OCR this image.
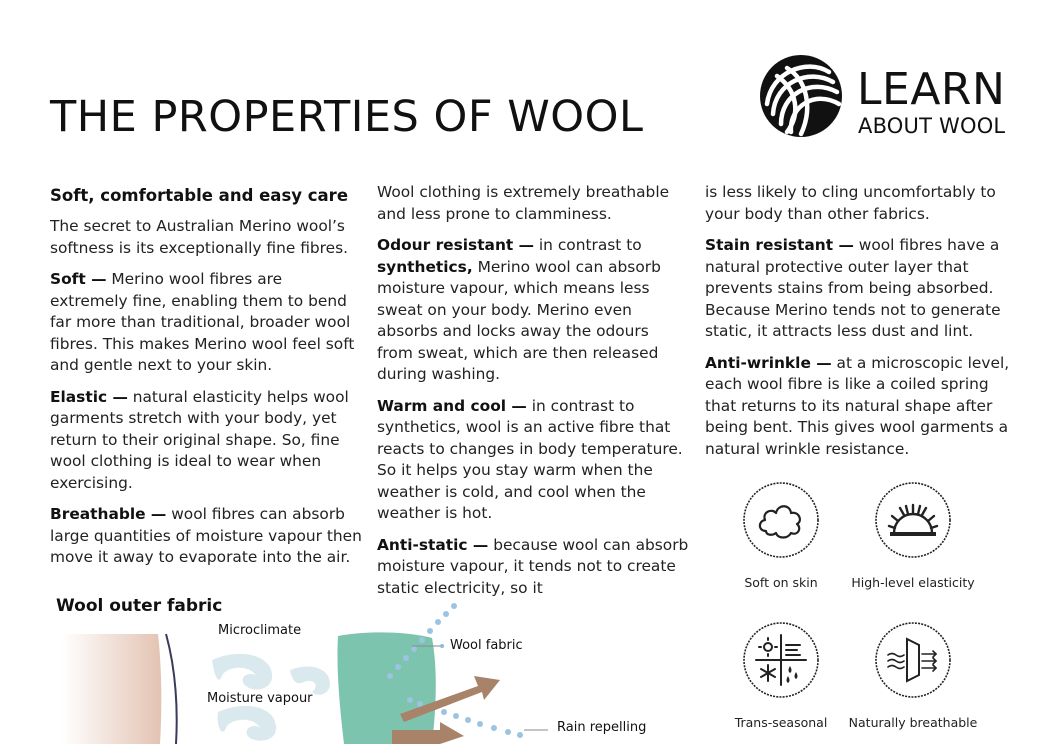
THE PROPERTIES OF WOOL
LEARN
ABOUT WOOL
Soft, comfortable and easy care

The secret to Australian Merino wool’s softness is its exceptionally fine fibres.

Soft — Merino wool fibres are extremely fine, enabling them to bend far more than traditional, broader wool fibres. This makes Merino wool feel soft and gentle next to your skin.

Elastic — natural elasticity helps wool garments stretch with your body, yet return to their original shape. So, fine wool clothing is ideal to wear when exercising.

Breathable — wool fibres can absorb large quantities of moisture vapour then move it away to evaporate into the air.

Wool clothing is extremely breathable and less prone to clamminess.

Odour resistant — in contrast to synthetics, Merino wool can absorb moisture vapour, which means less sweat on your body. Merino even absorbs and locks away the odours from sweat, which are then released during washing.

Warm and cool — in contrast to synthetics, wool is an active fibre that reacts to changes in body temperature. So it helps you stay warm when the weather is cold, and cool when the weather is hot.

Anti-static — because wool can absorb moisture vapour, it tends not to create static electricity, so it

is less likely to cling uncomfortably to your body than other fabrics.

Stain resistant — wool fibres have a natural protective outer layer that prevents stains from being absorbed. Because Merino tends not to generate static, it attracts less dust and lint.

Anti-wrinkle — at a microscopic level, each wool fibre is like a coiled spring that returns to its natural shape after being bent. This gives wool garments a natural wrinkle resistance.

Soft on skin	High-level elasticity
Trans-seasonal	Naturally breathable
Wool outer fabric
Microclimate
Moisture vapour
Wool fabric
Rain repelling
